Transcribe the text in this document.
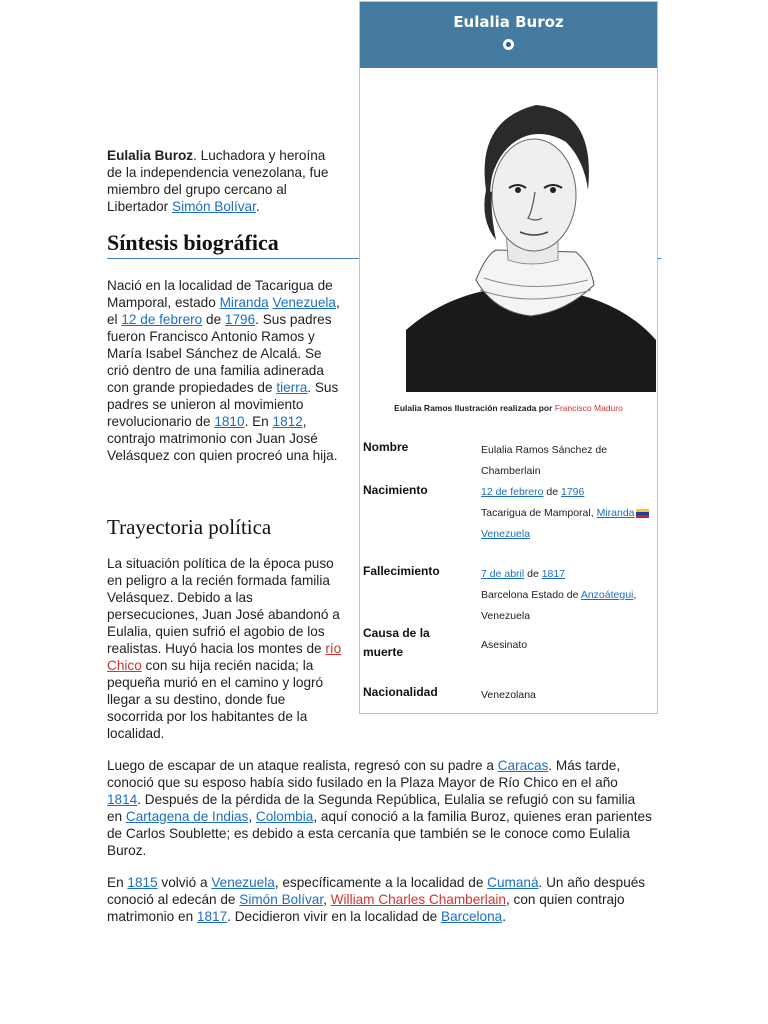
Eulalia Buroz. Luchadora y heroína de la independencia venezolana, fue miembro del grupo cercano al Libertador Simón Bolívar.

Síntesis biográfica

Nació en la localidad de Tacarigua de Mamporal, estado Miranda Venezuela, el 12 de febrero de 1796. Sus padres fueron Francisco Antonio Ramos y María Isabel Sánchez de Alcalá. Se crió dentro de una familia adinerada con grande propiedades de tierra. Sus padres se unieron al movimiento revolucionario de 1810. En 1812, contrajo matrimonio con Juan José Velásquez con quien procreó una hija.

Trayectoria política

La situación política de la época puso en peligro a la recién formada familia Velásquez. Debido a las persecuciones, Juan José abandonó a Eulalia, quien sufrió el agobio de los realistas. Huyó hacia los montes de río Chico con su hija recién nacida; la pequeña murió en el camino y logró llegar a su destino, donde fue socorrida por los habitantes de la localidad.

Luego de escapar de un ataque realista, regresó con su padre a Caracas. Más tarde, conoció que su esposo había sido fusilado en la Plaza Mayor de Río Chico en el año 1814. Después de la pérdida de la Segunda República, Eulalia se refugió con su familia en Cartagena de Indias, Colombia, aquí conoció a la familia Buroz, quienes eran parientes de Carlos Soublette; es debido a esta cercanía que también se le conoce como Eulalia Buroz.

En 1815 volvió a Venezuela, específicamente a la localidad de Cumaná. Un año después conoció al edecán de Simón Bolívar, William Charles Chamberlain, con quien contrajo matrimonio en 1817. Decidieron vivir en la localidad de Barcelona.

Eulalia Buroz
Eulalia Ramos Ilustración realizada por Francisco Maduro
Nombre	Eulalia Ramos Sánchez de Chamberlain
Nacimiento	12 de febrero de 1796
Tacarigua de Mamporal, Miranda
Venezuela
Fallecimiento	7 de abril de 1817
Barcelona Estado de Anzoátegui, Venezuela
Causa de la muerte	Asesinato
Nacionalidad	Venezolana
